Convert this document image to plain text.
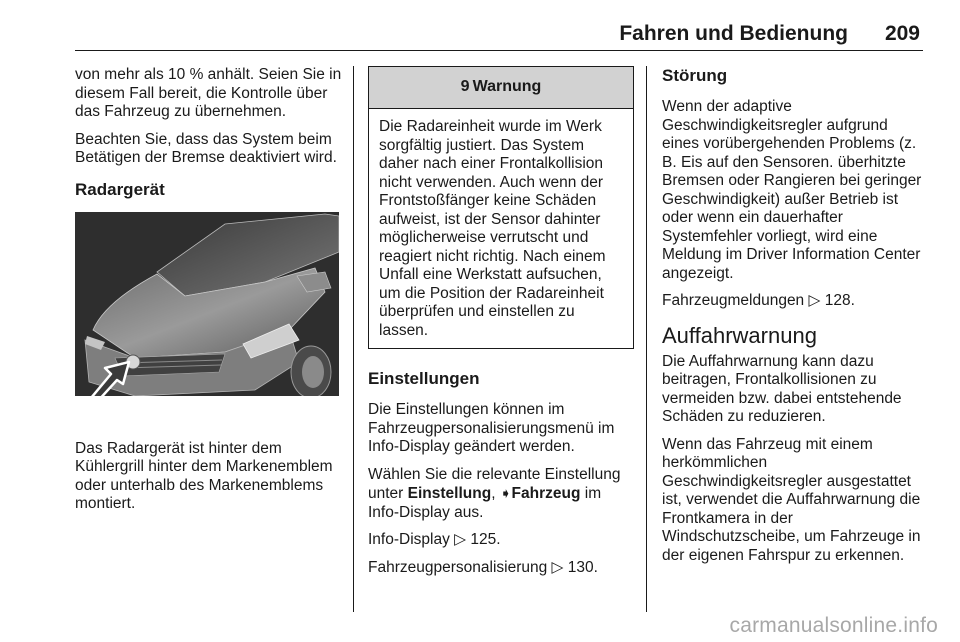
Fahren und Bedienung 209

von mehr als 10 % anhält. Seien Sie in diesem Fall bereit, die Kontrolle über das Fahrzeug zu übernehmen.

Beachten Sie, dass das System beim Betätigen der Bremse deaktiviert wird.

Radargerät

Das Radargerät ist hinter dem Kühlergrill hinter dem Markenemblem oder unterhalb des Markenemblems montiert.

9 Warnung
Die Radareinheit wurde im Werk sorgfältig justiert. Das System daher nach einer Frontalkollision nicht verwenden. Auch wenn der Frontstoßfänger keine Schäden aufweist, ist der Sensor dahinter möglicherweise verrutscht und reagiert nicht richtig. Nach einem Unfall eine Werkstatt aufsuchen, um die Position der Radareinheit überprüfen und einstellen zu lassen.
Einstellungen

Die Einstellungen können im Fahrzeugpersonalisierungsmenü im Info-Display geändert werden.

Wählen Sie die relevante Einstellung unter Einstellung, ➧Fahrzeug im Info-Display aus.

Info-Display ▷ 125.

Fahrzeugpersonalisierung ▷ 130.

Störung

Wenn der adaptive Geschwindigkeitsregler aufgrund eines vorübergehenden Problems (z. B. Eis auf den Sensoren. überhitzte Bremsen oder Rangieren bei geringer Geschwindigkeit) außer Betrieb ist oder wenn ein dauerhafter Systemfehler vorliegt, wird eine Meldung im Driver Information Center angezeigt.

Fahrzeugmeldungen ▷ 128.

Auffahrwarnung

Die Auffahrwarnung kann dazu beitragen, Frontalkollisionen zu vermeiden bzw. dabei entstehende Schäden zu reduzieren.

Wenn das Fahrzeug mit einem herkömmlichen Geschwindigkeitsregler ausgestattet ist, verwendet die Auffahrwarnung die Frontkamera in der Windschutzscheibe, um Fahrzeuge in der eigenen Fahrspur zu erkennen.

carmanualsonline.info
